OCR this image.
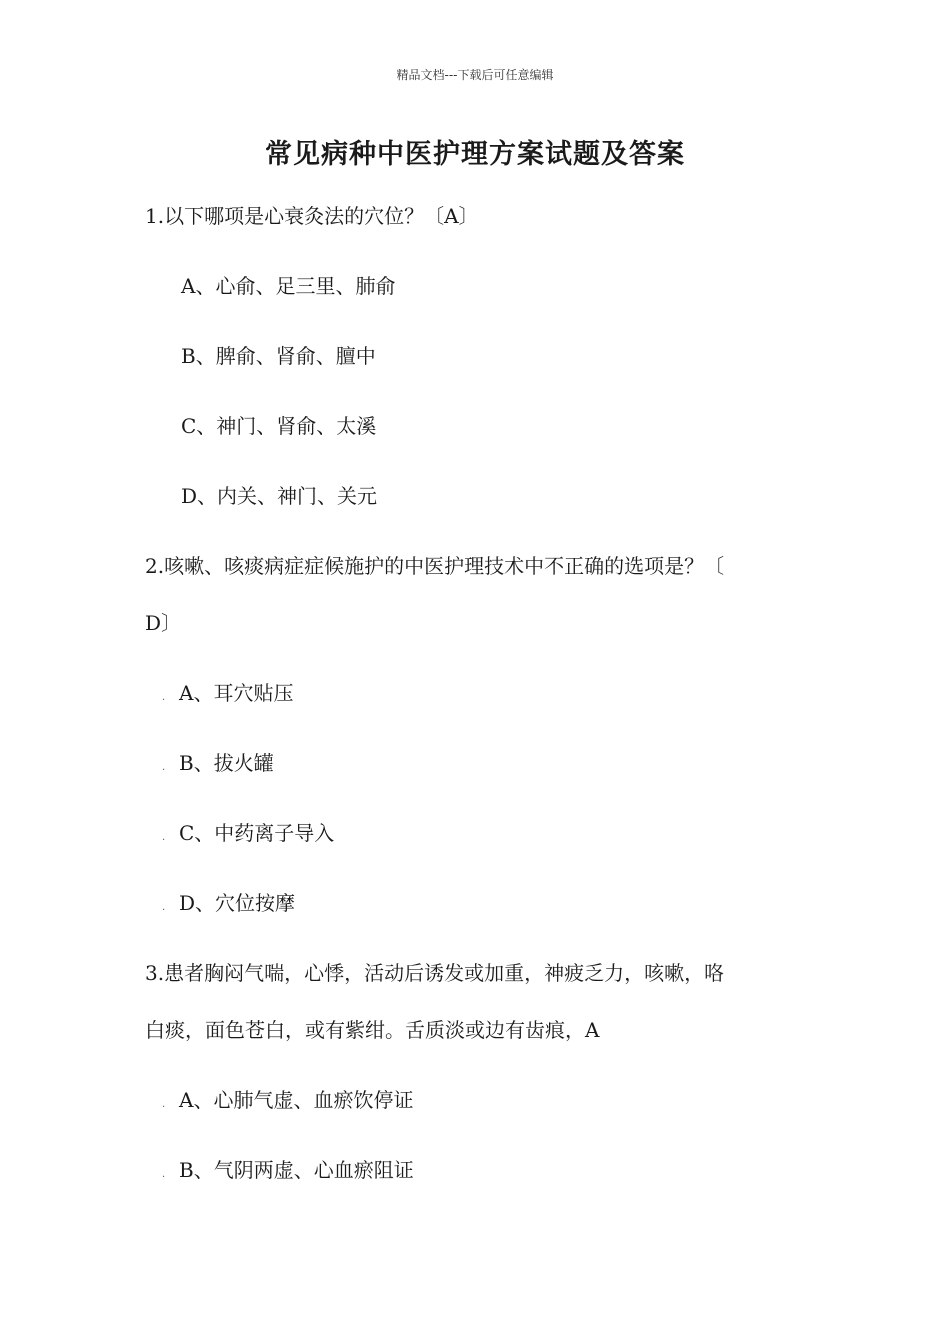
精品文档---下载后可任意编辑
常见病种中医护理方案试题及答案
1.以下哪项是心衰灸法的穴位？〔A〕
A、心俞、足三里、肺俞
B、脾俞、肾俞、膻中
C、神门、肾俞、太溪
D、内关、神门、关元
2.咳嗽、咳痰病症症候施护的中医护理技术中不正确的选项是？〔
D〕
. A、耳穴贴压
. B、拔火罐
. C、中药离子导入
. D、穴位按摩
3.患者胸闷气喘，心悸，活动后诱发或加重，神疲乏力，咳嗽，咯
白痰，面色苍白，或有紫绀。舌质淡或边有齿痕，A
. A、心肺气虚、血瘀饮停证
. B、气阴两虚、心血瘀阻证
